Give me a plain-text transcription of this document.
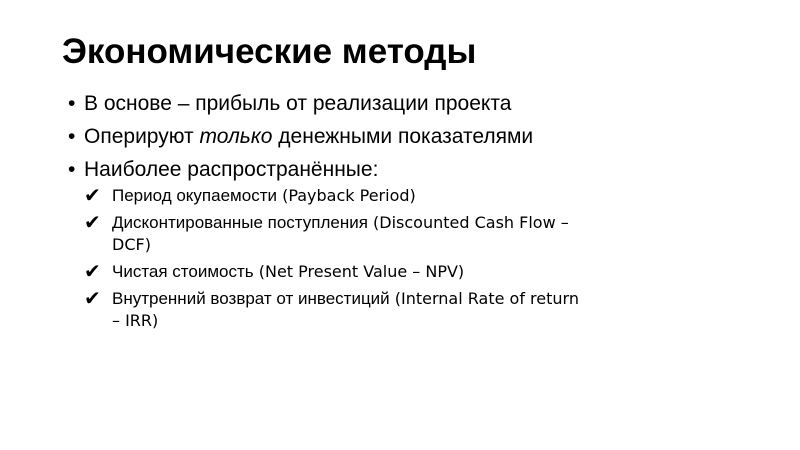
Экономические методы
• В основе – прибыль от реализации проекта
• Оперируют только денежными показателями
• Наиболее распространённые:
✔ Период окупаемости (Payback Period)
✔ Дисконтированные поступления (Discounted Cash Flow – DCF)
✔ Чистая стоимость (Net Present Value – NPV)
✔ Внутренний возврат от инвестиций (Internal Rate of return – IRR)
